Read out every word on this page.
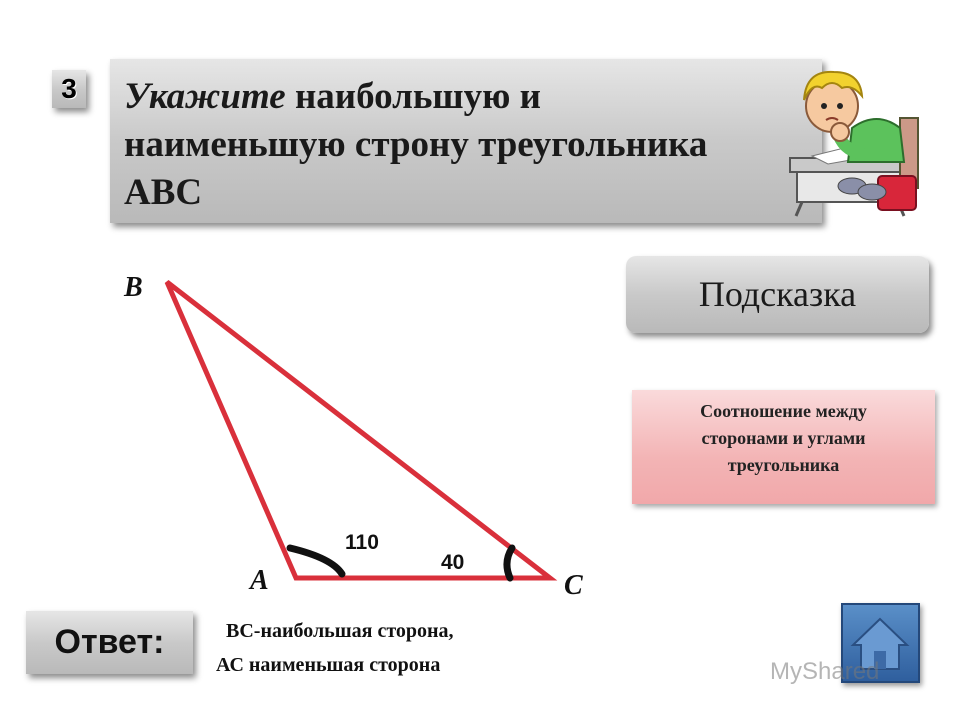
3 Укажите наибольшую и
наименьшую строну треугольника
АВС
Подсказка
Соотношение между
сторонами и углами
треугольника
B
A	C
110
40
Ответ:	ВС-наибольшая сторона,
АС наименьшая сторона	MyShared
